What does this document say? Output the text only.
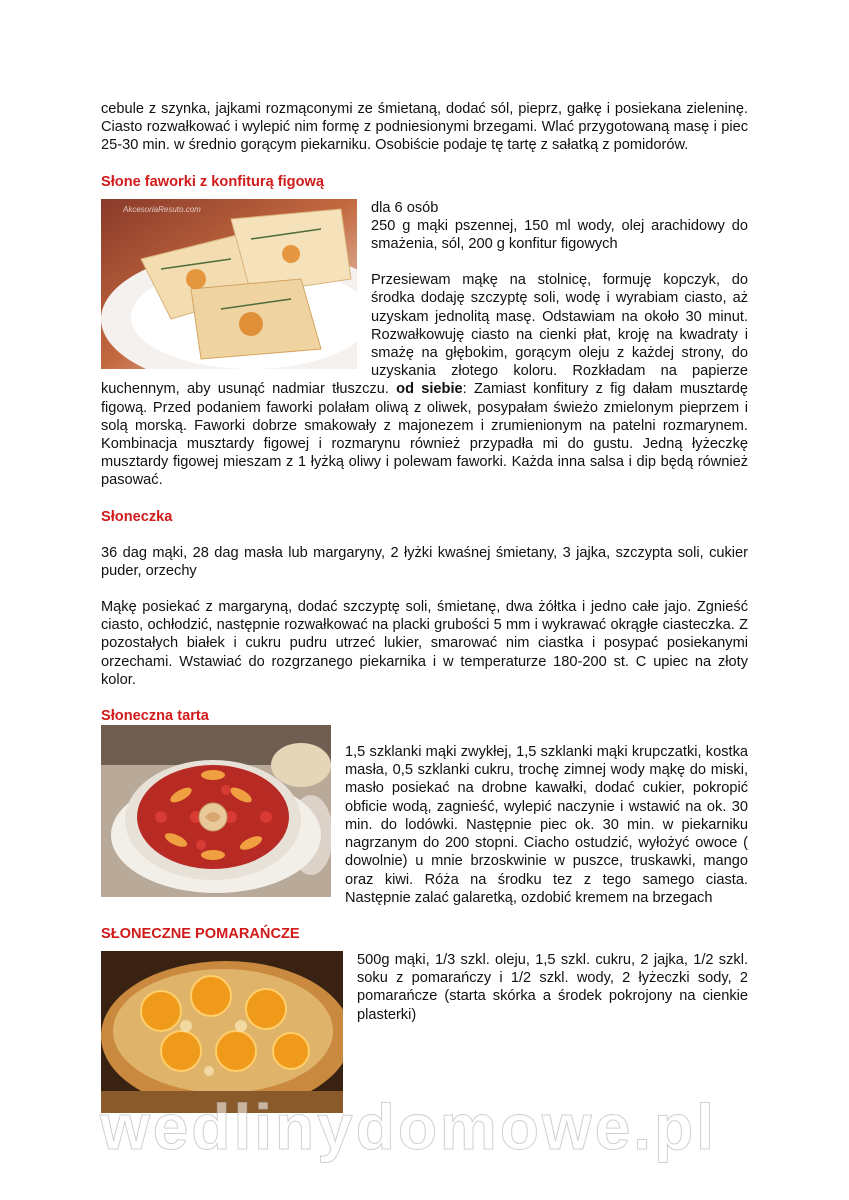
cebule z szynka, jajkami rozmąconymi ze śmietaną, dodać sól, pieprz, gałkę i posiekana zieleninę. Ciasto rozwałkować i wylepić nim formę z podniesionymi brzegami. Wlać przygotowaną masę i piec 25-30 min. w średnio gorącym piekarniku. Osobiście podaje tę tartę z sałatką z pomidorów.

Słone faworki z konfiturą figową
AkcesoriaResuto.com	dla 6 osób

250 g mąki pszennej, 150 ml wody, olej arachidowy do smażenia, sól, 200 g konfitur figowych

Przesiewam mąkę na stolnicę, formuję kopczyk, do środka dodaję szczyptę soli, wodę i wyrabiam ciasto, aż uzyskam jednolitą masę. Odstawiam na około 30 minut. Rozwałkowuję ciasto na cienki płat, kroję na kwadraty i smażę na głębokim, gorącym oleju z każdej strony, do uzyskania złotego koloru. Rozkładam na papierze kuchennym, aby usunąć nadmiar tłuszczu. od siebie: Zamiast konfitury z fig dałam musztardę figową. Przed podaniem faworki polałam oliwą z oliwek, posypałam świeżo zmielonym pieprzem i solą morską. Faworki dobrze smakowały z majonezem i zrumienionym na patelni rozmarynem. Kombinacja musztardy figowej i rozmarynu również przypadła mi do gustu. Jedną łyżeczkę musztardy figowej mieszam z 1 łyżką oliwy i polewam faworki. Każda inna salsa i dip będą również pasować.

Słoneczka

36 dag mąki, 28 dag masła lub margaryny, 2 łyżki kwaśnej śmietany, 3 jajka, szczypta soli, cukier puder, orzechy

Mąkę posiekać z margaryną, dodać szczyptę soli, śmietanę, dwa żółtka i jedno całe jajo. Zgnieść ciasto, ochłodzić, następnie rozwałkować na placki grubości 5 mm i wykrawać okrągłe ciasteczka. Z pozostałych białek i cukru pudru utrzeć lukier, smarować nim ciastka i posypać posiekanymi orzechami. Wstawiać do rozgrzanego piekarnika i w temperaturze 180-200 st. C upiec na złoty kolor.

Słoneczna tarta

1,5 szklanki mąki zwykłej, 1,5 szklanki mąki krupczatki, kostka masła, 0,5 szklanki cukru, trochę zimnej wody mąkę do miski, masło posiekać na drobne kawałki, dodać cukier, pokropić obficie wodą, zagnieść, wylepić naczynie i wstawić na ok. 30 min. do lodówki. Następnie piec ok. 30 min. w piekarniku nagrzanym do 200 stopni. Ciacho ostudzić, wyłożyć owoce ( dowolnie) u mnie brzoskwinie w puszce, truskawki, mango oraz kiwi. Róża na środku tez z tego samego ciasta. Następnie zalać galaretką, ozdobić kremem na brzegach

SŁONECZNE POMARAŃCZE

500g mąki, 1/3 szkl. oleju, 1,5 szkl. cukru, 2 jajka, 1/2 szkl. soku z pomarańczy i 1/2 szkl. wody, 2 łyżeczki sody, 2 pomarańcze (starta skórka a środek pokrojony na cienkie plasterki)

wedlinydomowe.pl
